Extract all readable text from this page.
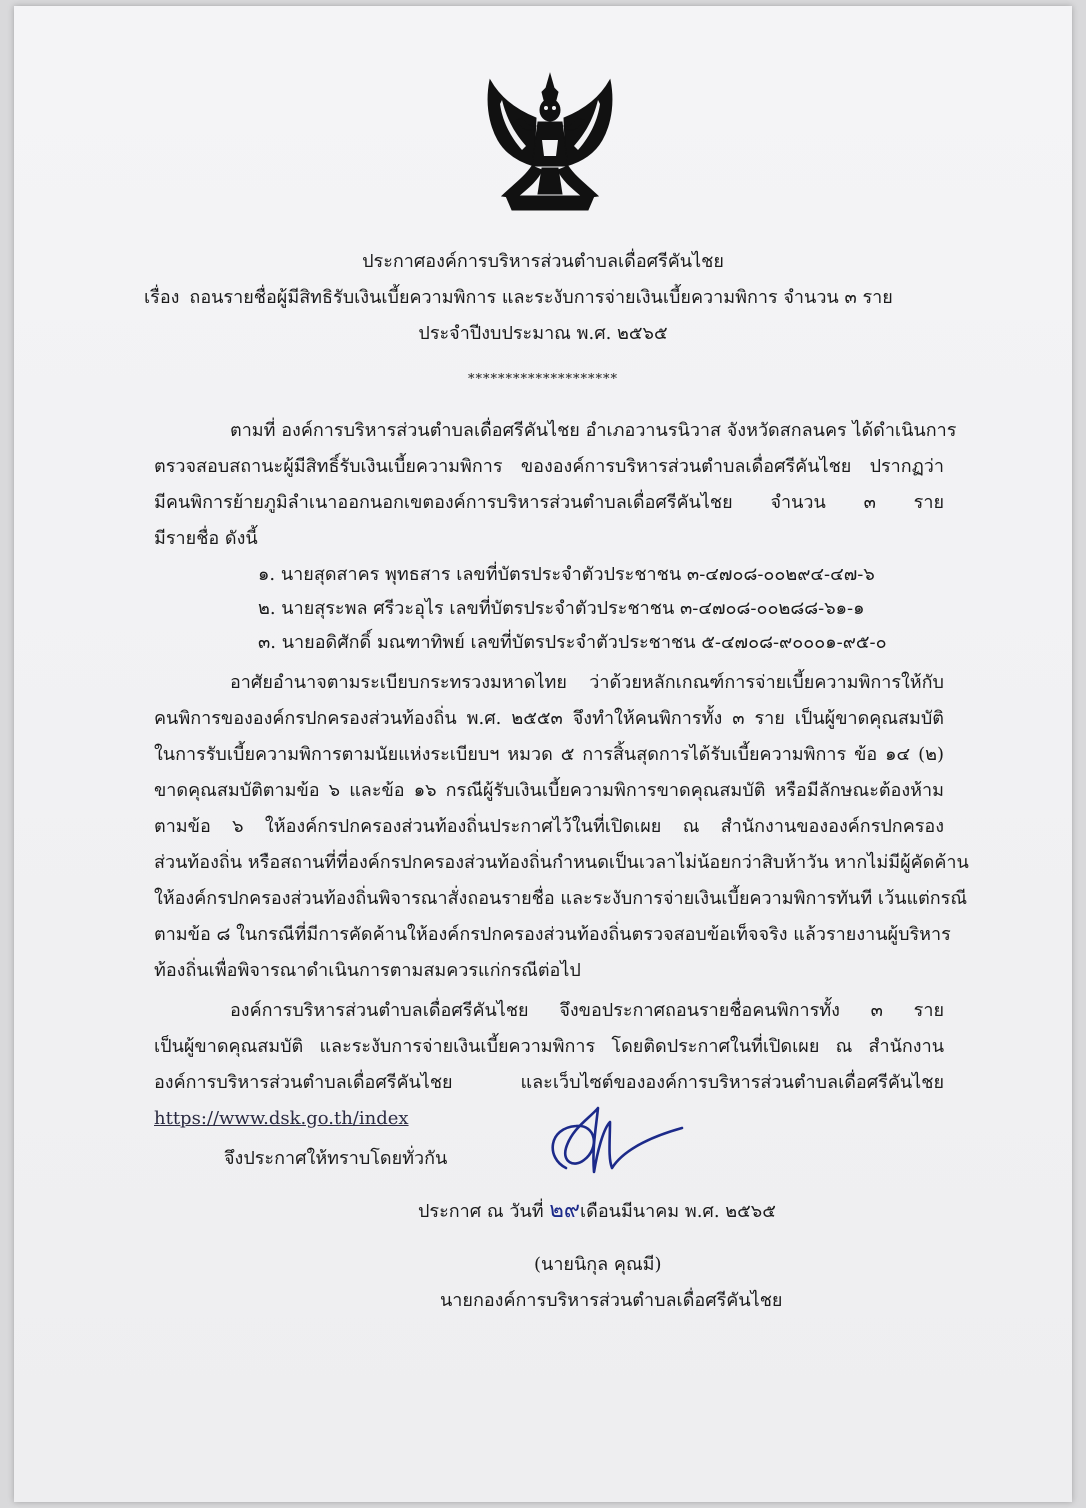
ประกาศองค์การบริหารส่วนตำบลเดื่อศรีคันไชย
เรื่อง ถอนรายชื่อผู้มีสิทธิรับเงินเบี้ยความพิการ และระงับการจ่ายเงินเบี้ยความพิการ จำนวน ๓ ราย
ประจำปีงบประมาณ พ.ศ. ๒๕๖๕
********************
ตามที่ องค์การบริหารส่วนตำบลเดื่อศรีคันไชย อำเภอวานรนิวาส จังหวัดสกลนคร ได้ดำเนินการ
ตรวจสอบสถานะผู้มีสิทธิ์รับเงินเบี้ยความพิการ ขององค์การบริหารส่วนตำบลเดื่อศรีคันไชย ปรากฏว่า
มีคนพิการย้ายภูมิลำเนาออกนอกเขตองค์การบริหารส่วนตำบลเดื่อศรีคันไชย จำนวน ๓ ราย
มีรายชื่อ ดังนี้
๑. นายสุดสาคร พุทธสาร เลขที่บัตรประจำตัวประชาชน ๓-๔๗๐๘-๐๐๒๙๔-๔๗-๖
๒. นายสุระพล ศรีวะอุไร เลขที่บัตรประจำตัวประชาชน ๓-๔๗๐๘-๐๐๒๘๘-๖๑-๑
๓. นายอดิศักดิ์ มณฑาทิพย์ เลขที่บัตรประจำตัวประชาชน ๕-๔๗๐๘-๙๐๐๐๑-๙๕-๐
อาศัยอำนาจตามระเบียบกระทรวงมหาดไทย ว่าด้วยหลักเกณฑ์การจ่ายเบี้ยความพิการให้กับ
คนพิการขององค์กรปกครองส่วนท้องถิ่น พ.ศ. ๒๕๕๓ จึงทำให้คนพิการทั้ง ๓ ราย เป็นผู้ขาดคุณสมบัติ
ในการรับเบี้ยความพิการตามนัยแห่งระเบียบฯ หมวด ๕ การสิ้นสุดการได้รับเบี้ยความพิการ ข้อ ๑๔ (๒)
ขาดคุณสมบัติตามข้อ ๖ และข้อ ๑๖ กรณีผู้รับเงินเบี้ยความพิการขาดคุณสมบัติ หรือมีลักษณะต้องห้าม
ตามข้อ ๖ ให้องค์กรปกครองส่วนท้องถิ่นประกาศไว้ในที่เปิดเผย ณ สำนักงานขององค์กรปกครอง
ส่วนท้องถิ่น หรือสถานที่ที่องค์กรปกครองส่วนท้องถิ่นกำหนดเป็นเวลาไม่น้อยกว่าสิบห้าวัน หากไม่มีผู้คัดค้าน
ให้องค์กรปกครองส่วนท้องถิ่นพิจารณาสั่งถอนรายชื่อ และระงับการจ่ายเงินเบี้ยความพิการทันที เว้นแต่กรณี
ตามข้อ ๘ ในกรณีที่มีการคัดค้านให้องค์กรปกครองส่วนท้องถิ่นตรวจสอบข้อเท็จจริง แล้วรายงานผู้บริหาร
ท้องถิ่นเพื่อพิจารณาดำเนินการตามสมควรแก่กรณีต่อไป
องค์การบริหารส่วนตำบลเดื่อศรีคันไชย จึงขอประกาศถอนรายชื่อคนพิการทั้ง ๓ ราย
เป็นผู้ขาดคุณสมบัติ และระงับการจ่ายเงินเบี้ยความพิการ โดยติดประกาศในที่เปิดเผย ณ สำนักงาน
องค์การบริหารส่วนตำบลเดื่อศรีคันไชย และเว็บไซต์ขององค์การบริหารส่วนตำบลเดื่อศรีคันไชย
https://www.dsk.go.th/index
จึงประกาศให้ทราบโดยทั่วกัน
ประกาศ ณ วันที่ ๒๙เดือนมีนาคม พ.ศ. ๒๕๖๕
(นายนิกุล คุณมี)
นายกองค์การบริหารส่วนตำบลเดื่อศรีคันไชย
